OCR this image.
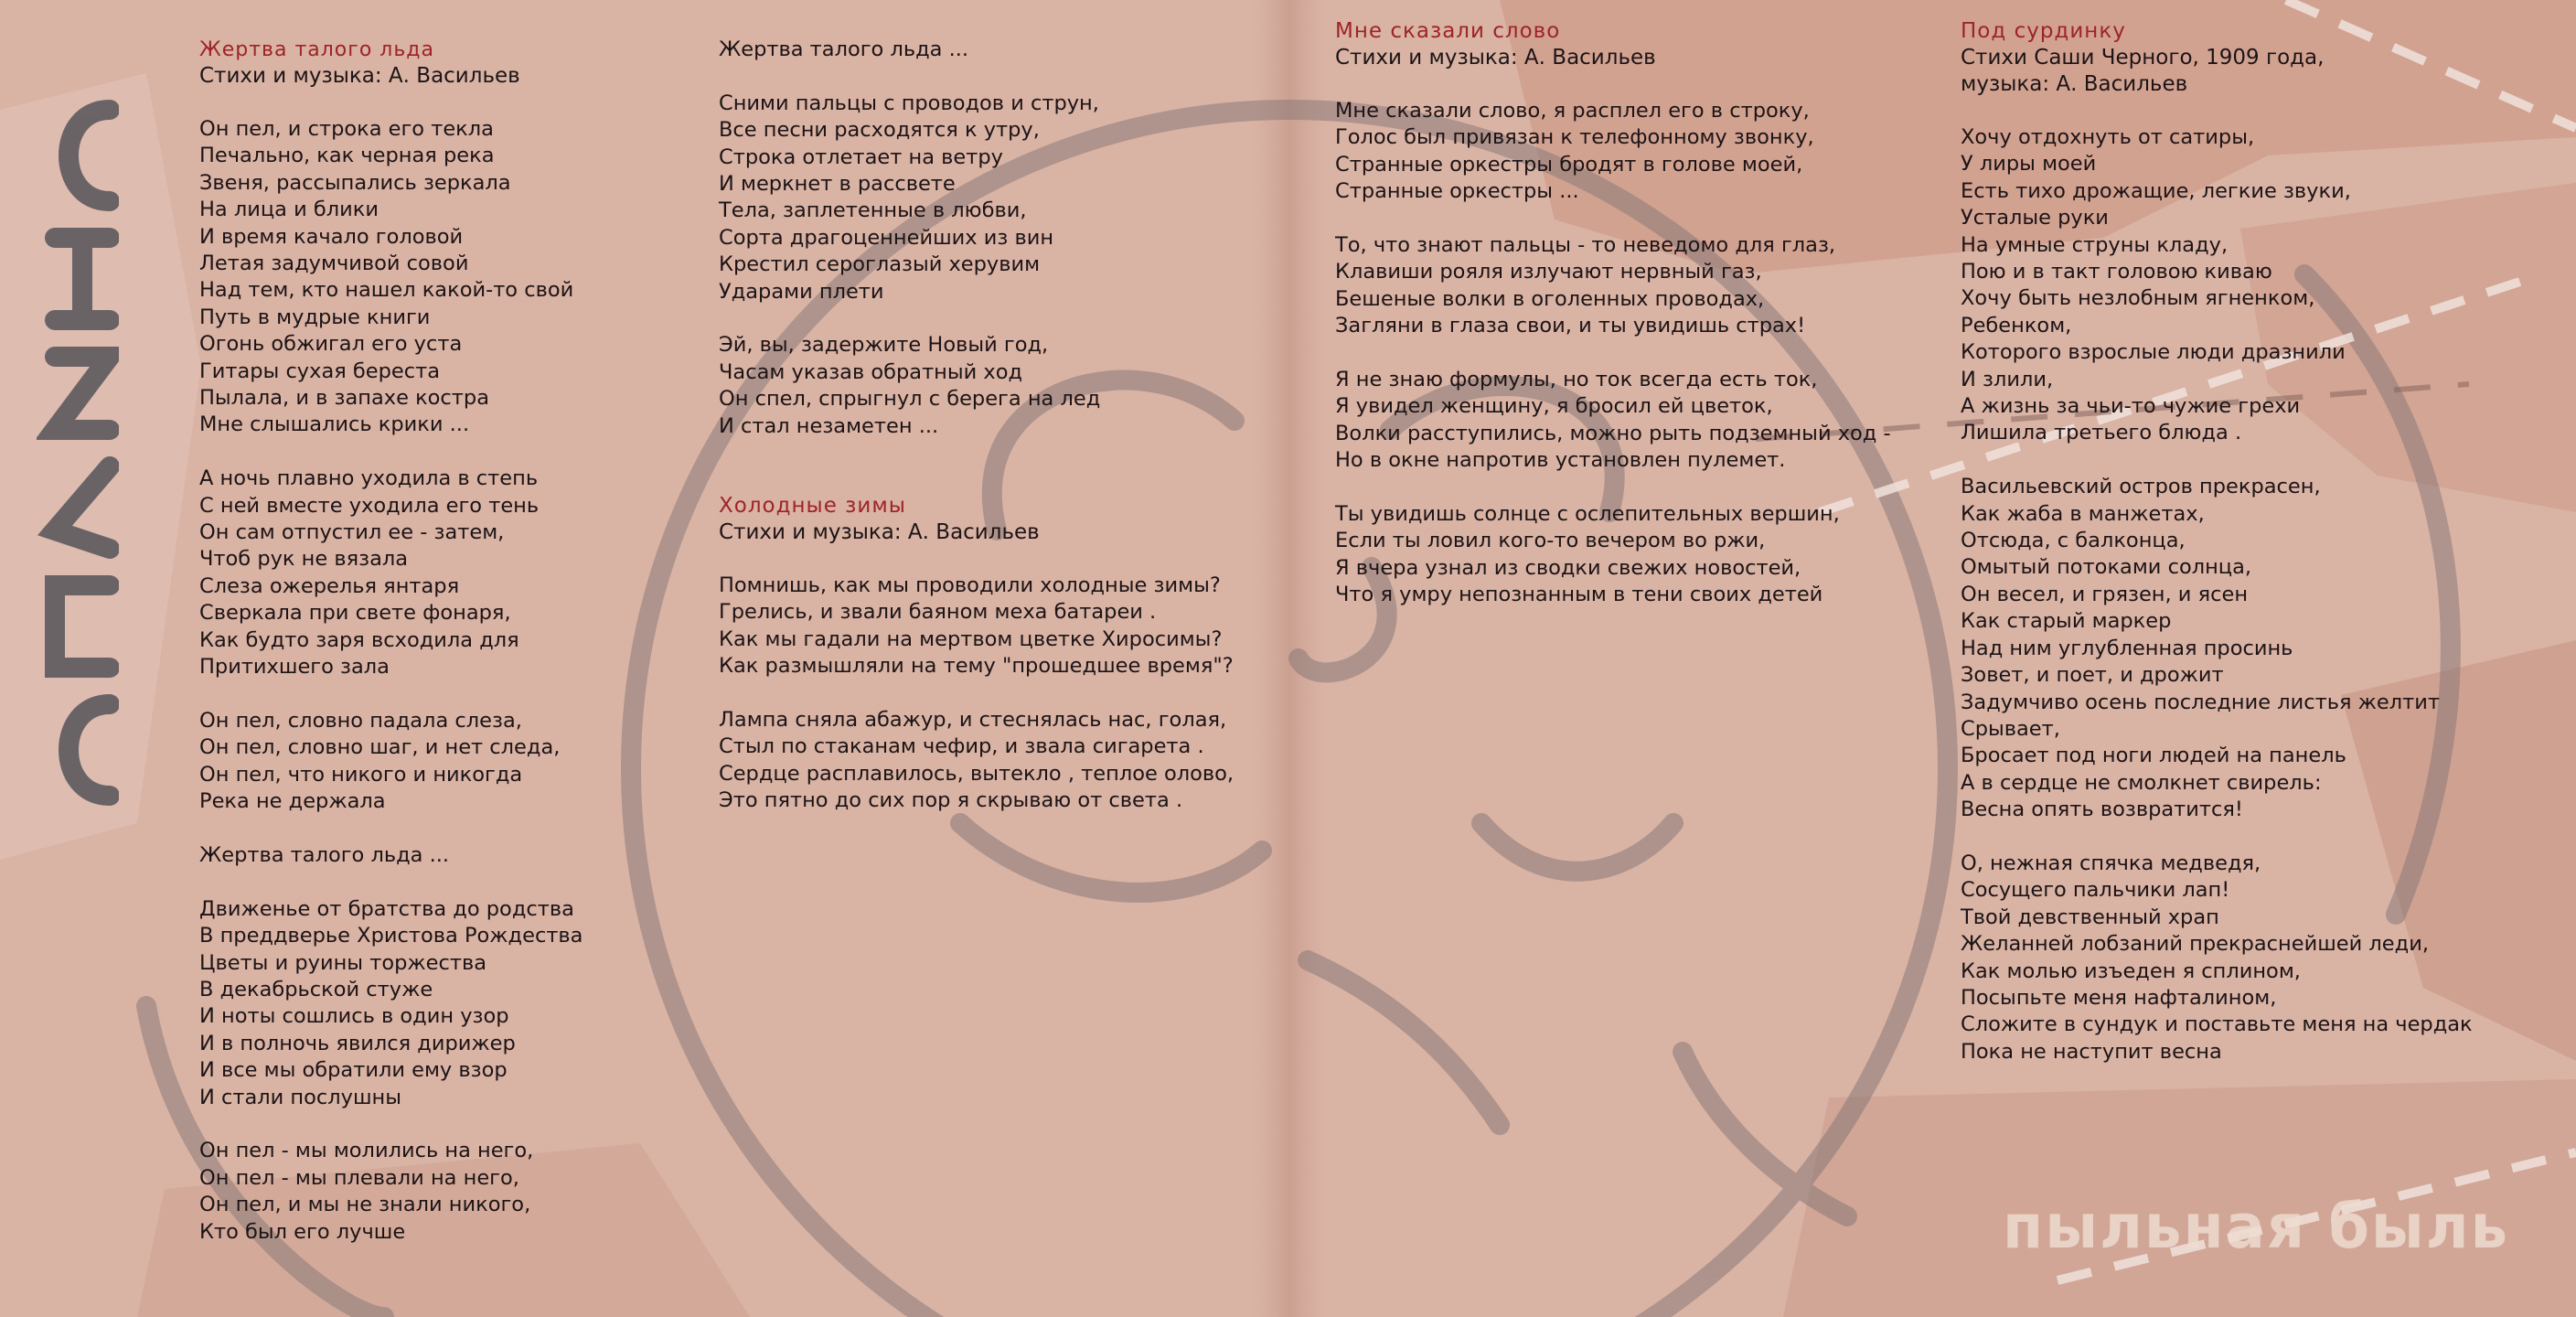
Жертва талого льда
Стихи и музыка: А. Васильев
Он пел, и строка его текла
Печально, как черная река
Звеня, рассыпались зеркала
На лица и блики
И время качало головой
Летая задумчивой совой
Над тем, кто нашел какой-то свой
Путь в мудрые книги
Огонь обжигал его уста
Гитары сухая береста
Пылала, и в запахе костра
Мне слышались крики ...
А ночь плавно уходила в степь
С ней вместе уходила его тень
Он сам отпустил ее - затем,
Чтоб рук не вязала
Слеза ожерелья янтаря
Сверкала при свете фонаря,
Как будто заря всходила для
Притихшего зала
Он пел, словно падала слеза,
Он пел, словно шаг, и нет следа,
Он пел, что никого и никогда
Река не держала
Жертва талого льда ...
Движенье от братства до родства
В преддверье Христова Рождества
Цветы и руины торжества
В декабрьской стуже
И ноты сошлись в один узор
И в полночь явился дирижер
И все мы обратили ему взор
И стали послушны
Он пел - мы молились на него,
Он пел - мы плевали на него,
Он пел, и мы не знали никого,
Кто был его лучше
Жертва талого льда ...
Сними пальцы с проводов и струн,
Все песни расходятся к утру,
Строка отлетает на ветру
И меркнет в рассвете
Тела, заплетенные в любви,
Сорта драгоценнейших из вин
Крестил сероглазый херувим
Ударами плети
Эй, вы, задержите Новый год,
Часам указав обратный ход
Он спел, спрыгнул с берега на лед
И стал незаметен ...
Холодные зимы
Стихи и музыка: А. Васильев
Помнишь, как мы проводили холодные зимы?
Грелись, и звали баяном меха батареи .
Как мы гадали на мертвом цветке Хиросимы?
Как размышляли на тему "прошедшее время"?
Лампа сняла абажур, и стеснялась нас, голая,
Стыл по стаканам чефир, и звала сигарета .
Сердце расплавилось, вытекло , теплое олово,
Это пятно до сих пор я скрываю от света .
Мне сказали слово
Стихи и музыка: А. Васильев
Мне сказали слово, я расплел его в строку,
Голос был привязан к телефонному звонку,
Странные оркестры бродят в голове моей,
Странные оркестры ...
То, что знают пальцы - то неведомо для глаз,
Клавиши рояля излучают нервный газ,
Бешеные волки в оголенных проводах,
Загляни в глаза свои, и ты увидишь страх!
Я не знаю формулы, но ток всегда есть ток,
Я увидел женщину, я бросил ей цветок,
Волки расступились, можно рыть подземный ход -
Но в окне напротив установлен пулемет.
Ты увидишь солнце с ослепительных вершин,
Если ты ловил кого-то вечером во ржи,
Я вчера узнал из сводки свежих новостей,
Что я умру непознанным в тени своих детей
Под сурдинку
Стихи Саши Черного, 1909 года,
музыка: А. Васильев
Хочу отдохнуть от сатиры,
У лиры моей
Есть тихо дрожащие, легкие звуки,
Усталые руки
На умные струны кладу,
Пою и в такт головою киваю
Хочу быть незлобным ягненком,
Ребенком,
Которого взрослые люди дразнили
И злили,
А жизнь за чьи-то чужие грехи
Лишила третьего блюда .
Васильевский остров прекрасен,
Как жаба в манжетах,
Отсюда, с балконца,
Омытый потоками солнца,
Он весел, и грязен, и ясен
Как старый маркер
Над ним углубленная просинь
Зовет, и поет, и дрожит
Задумчиво осень последние листья желтит
Срывает,
Бросает под ноги людей на панель
А в сердце не смолкнет свирель:
Весна опять возвратится!
О, нежная спячка медведя,
Сосущего пальчики лап!
Твой девственный храп
Желанней лобзаний прекраснейшей леди,
Как молью изъеден я сплином,
Посыпьте меня нафталином,
Сложите в сундук и поставьте меня на чердак
Пока не наступит весна
пыльная быль
